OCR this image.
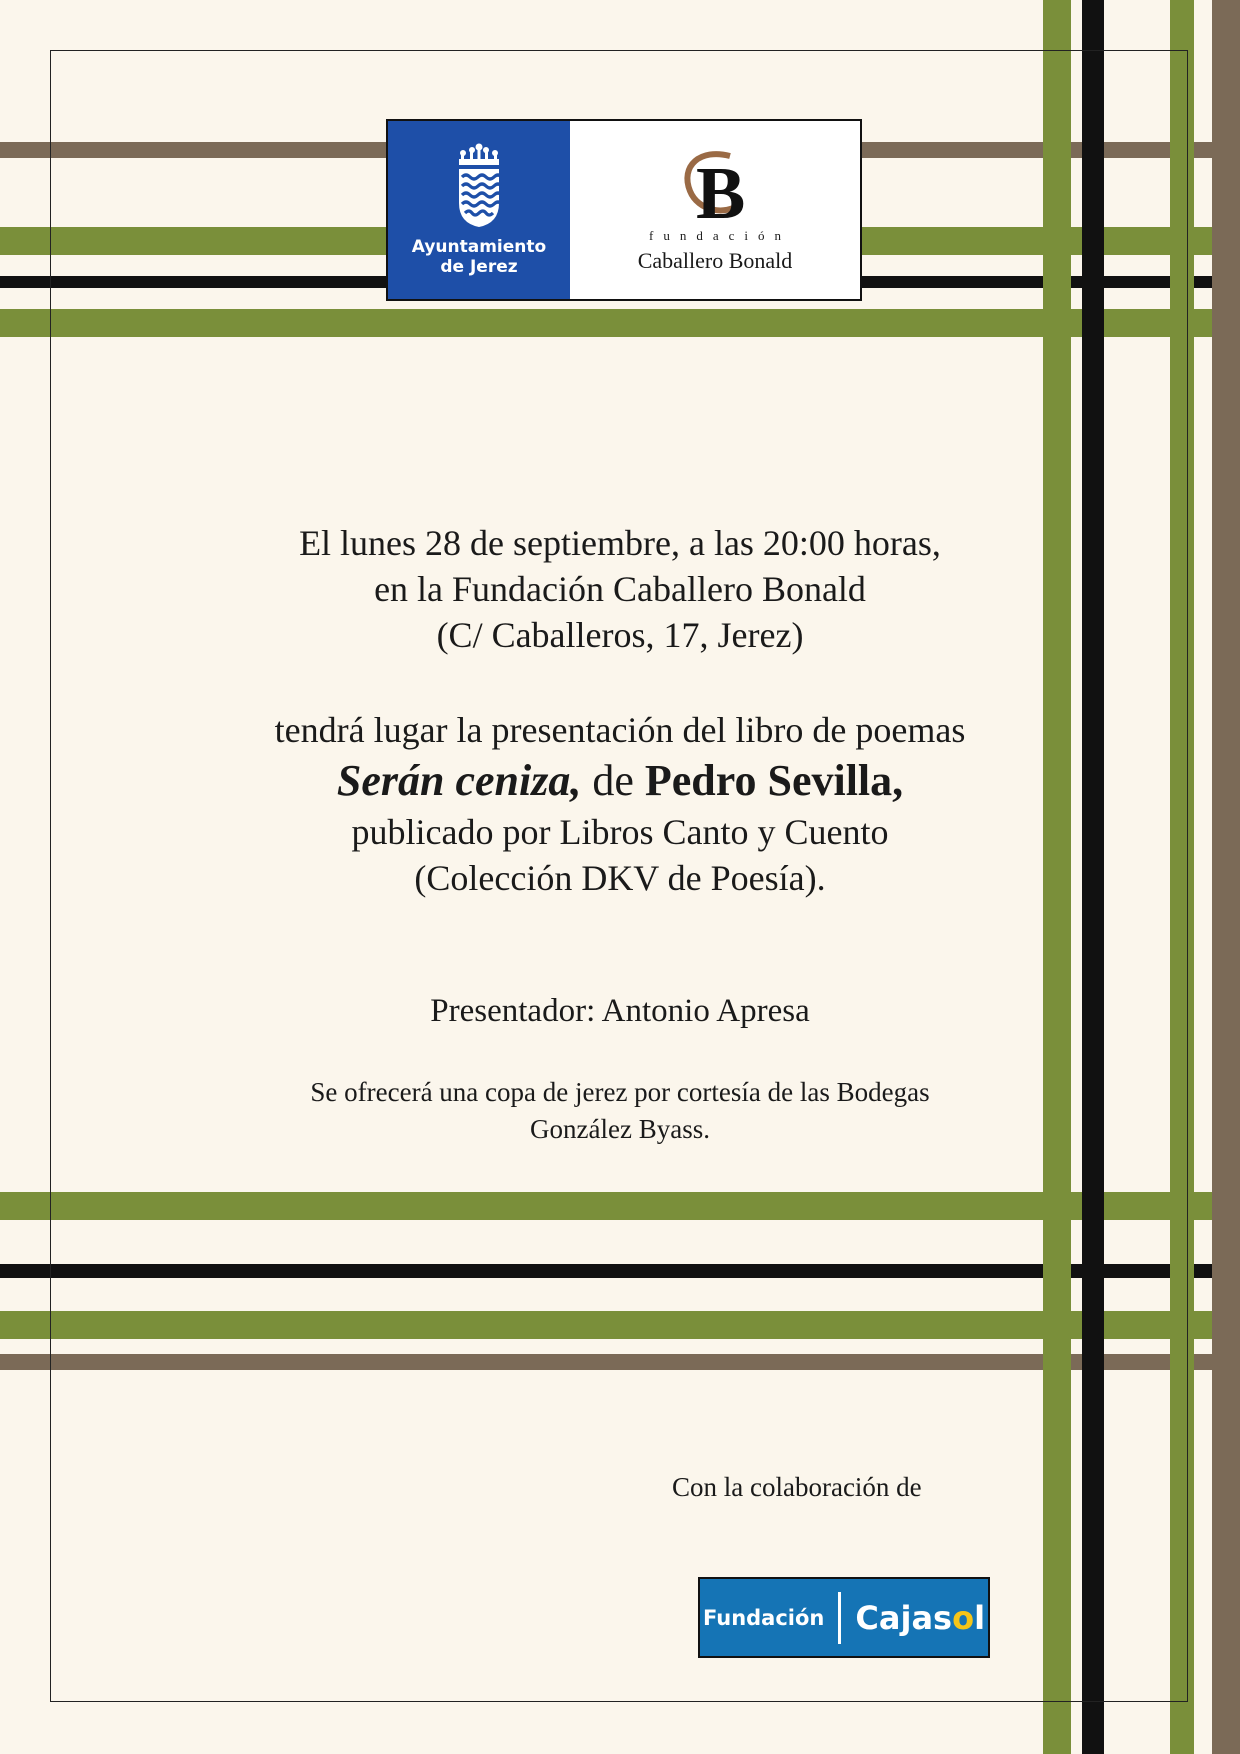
Ayuntamiento
de Jerez
B
fundación
Caballero Bonald
El lunes 28 de septiembre, a las 20:00 horas,
en la Fundación Caballero Bonald
(C/ Caballeros, 17, Jerez)
tendrá lugar la presentación del libro de poemas
Serán ceniza, de Pedro Sevilla,
publicado por Libros Canto y Cuento
(Colección DKV de Poesía).
Presentador: Antonio Apresa
Se ofrecerá una copa de jerez por cortesía de las Bodegas
González Byass.
Con la colaboración de
Fundación Cajasol
